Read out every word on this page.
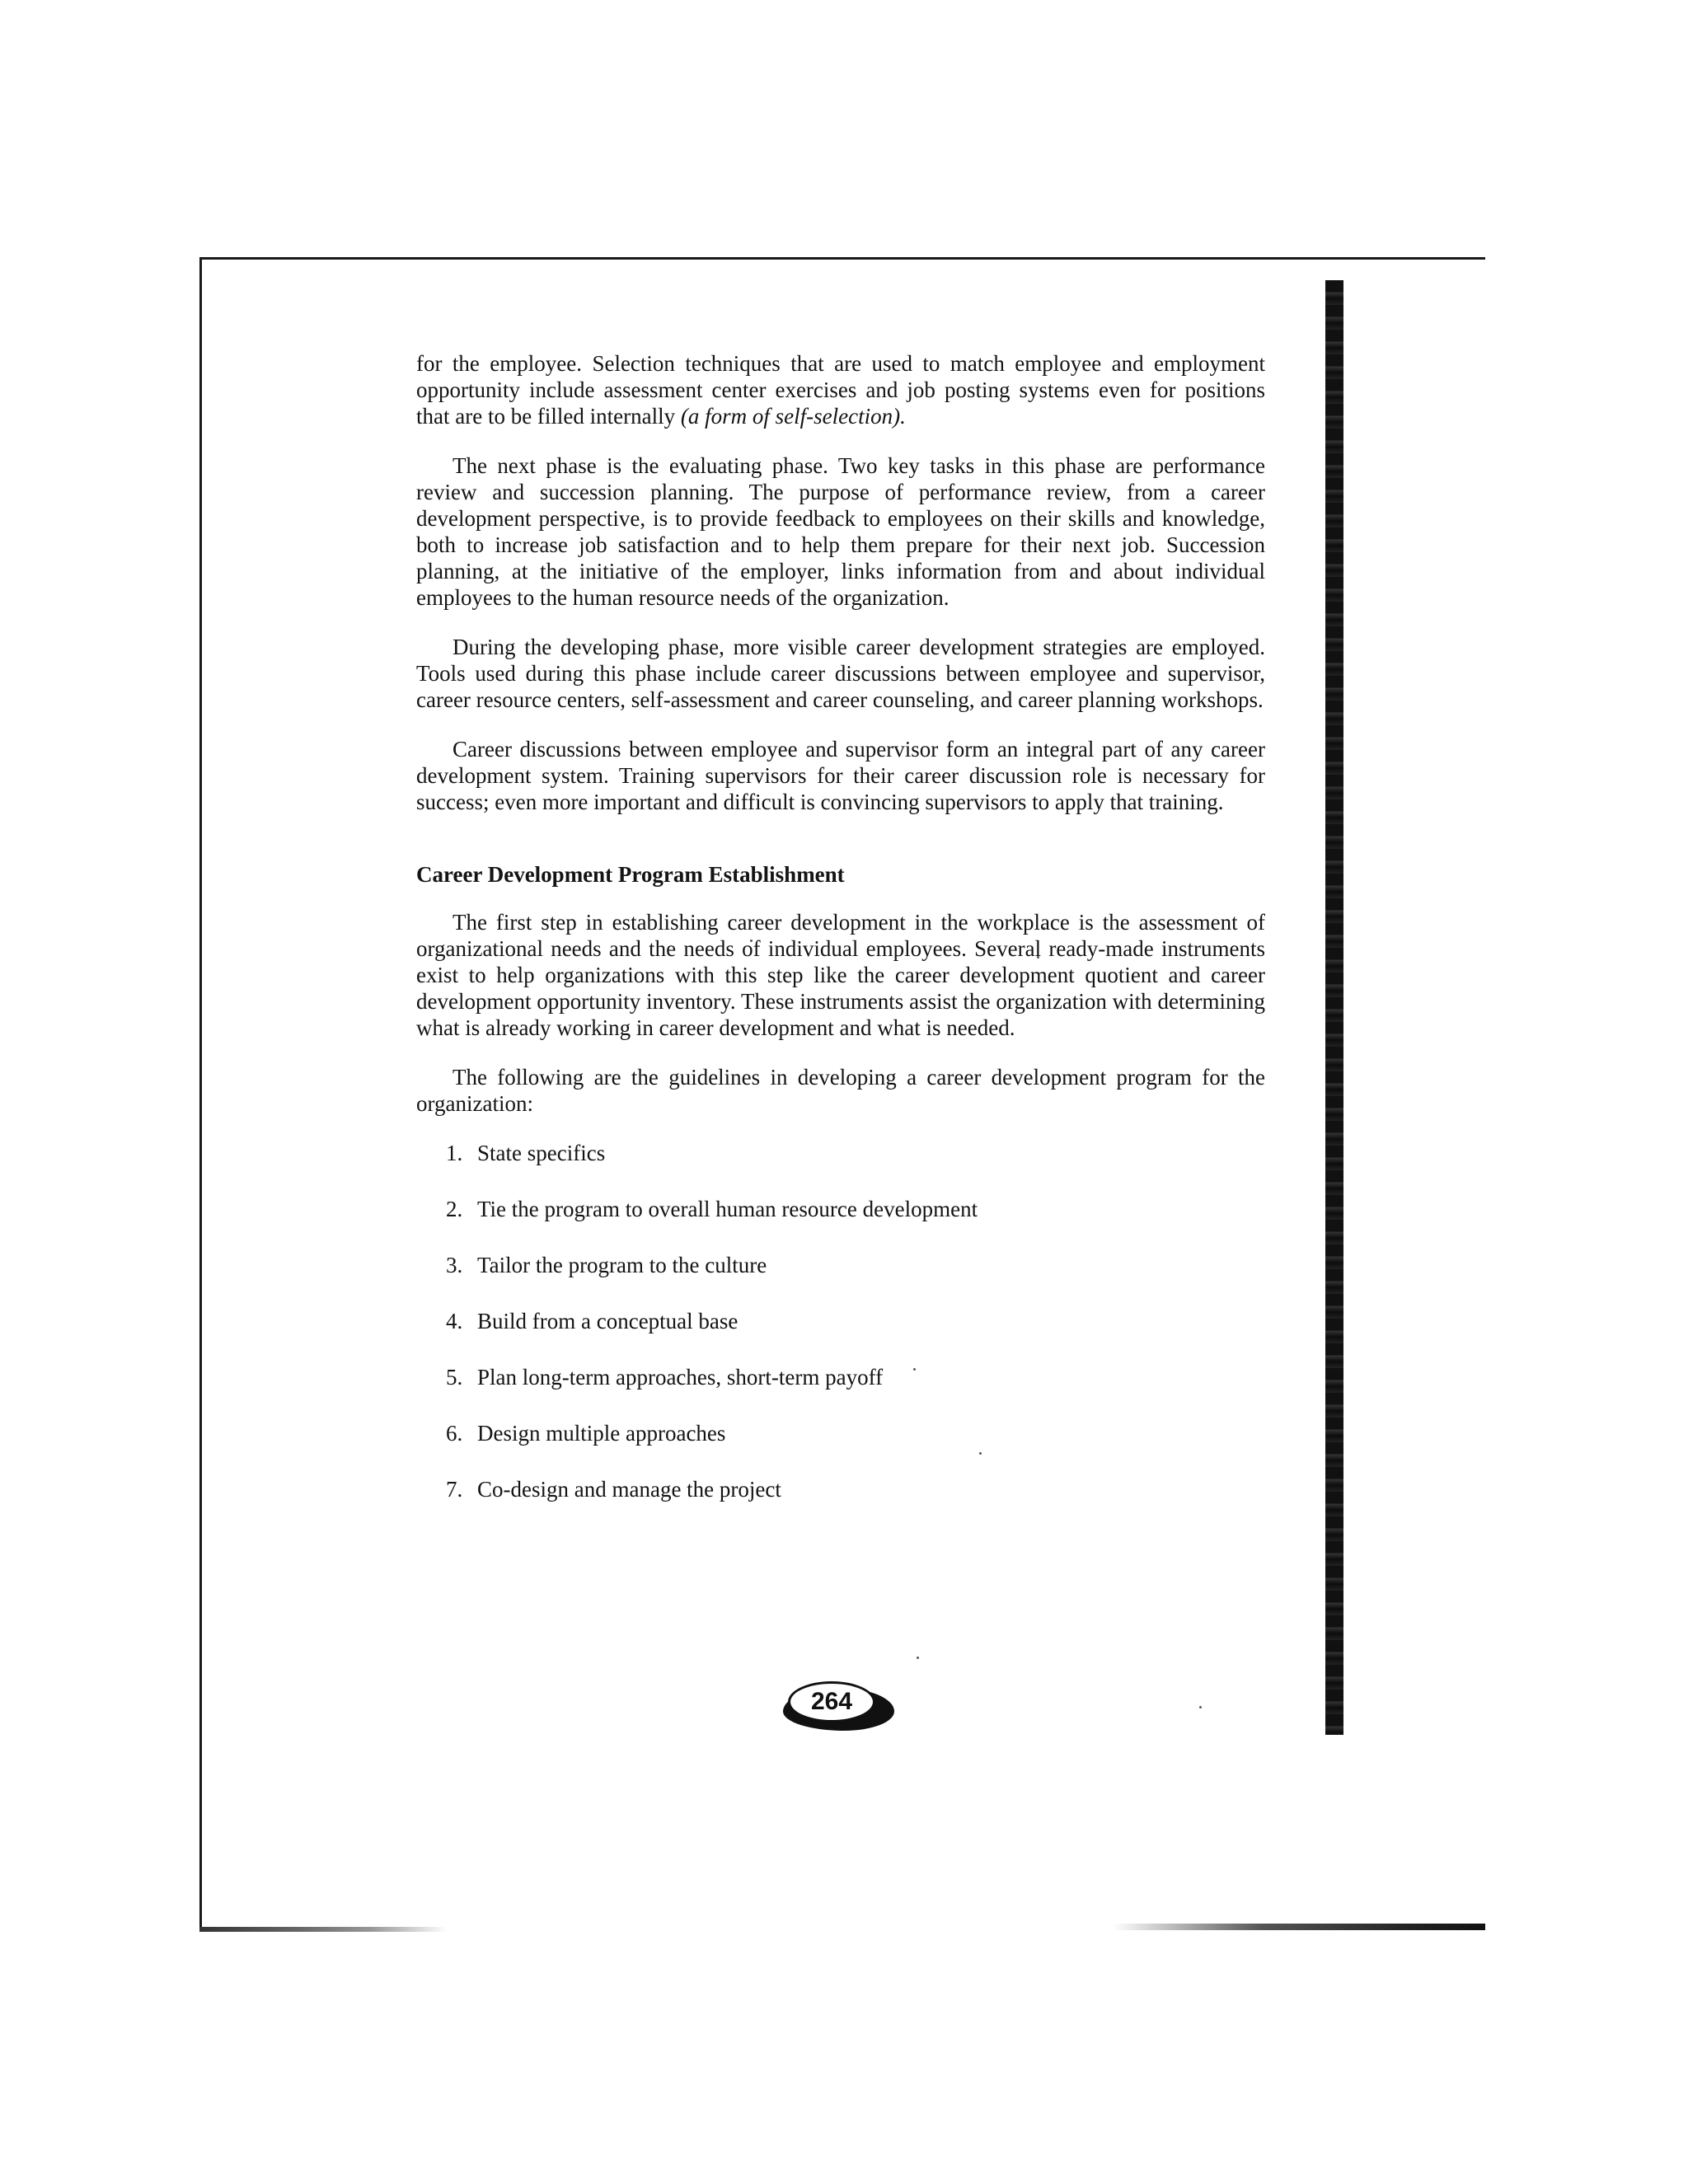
for the employee. Selection techniques that are used to match employee and employment opportunity include assessment center exercises and job posting systems even for positions that are to be filled internally (a form of self-selection).

The next phase is the evaluating phase. Two key tasks in this phase are performance review and succession planning. The purpose of performance review, from a career development perspective, is to provide feedback to employees on their skills and knowledge, both to increase job satisfaction and to help them prepare for their next job. Succession planning, at the initiative of the employer, links information from and about individual employees to the human resource needs of the organization.

During the developing phase, more visible career development strategies are employed. Tools used during this phase include career discussions between employee and supervisor, career resource centers, self-assessment and career counseling, and career planning workshops.

Career discussions between employee and supervisor form an integral part of any career development system. Training supervisors for their career discussion role is necessary for success; even more important and difficult is convincing supervisors to apply that training.

Career Development Program Establishment

The first step in establishing career development in the workplace is the assessment of organizational needs and the needs of individual employees. Several ready-made instruments exist to help organizations with this step like the career development quotient and career development opportunity inventory. These instruments assist the organization with determining what is already working in career development and what is needed.

The following are the guidelines in developing a career development program for the organization:

1. State specifics
2. Tie the program to overall human resource development
3. Tailor the program to the culture
4. Build from a conceptual base
5. Plan long-term approaches, short-term payoff
6. Design multiple approaches
7. Co-design and manage the project
264
